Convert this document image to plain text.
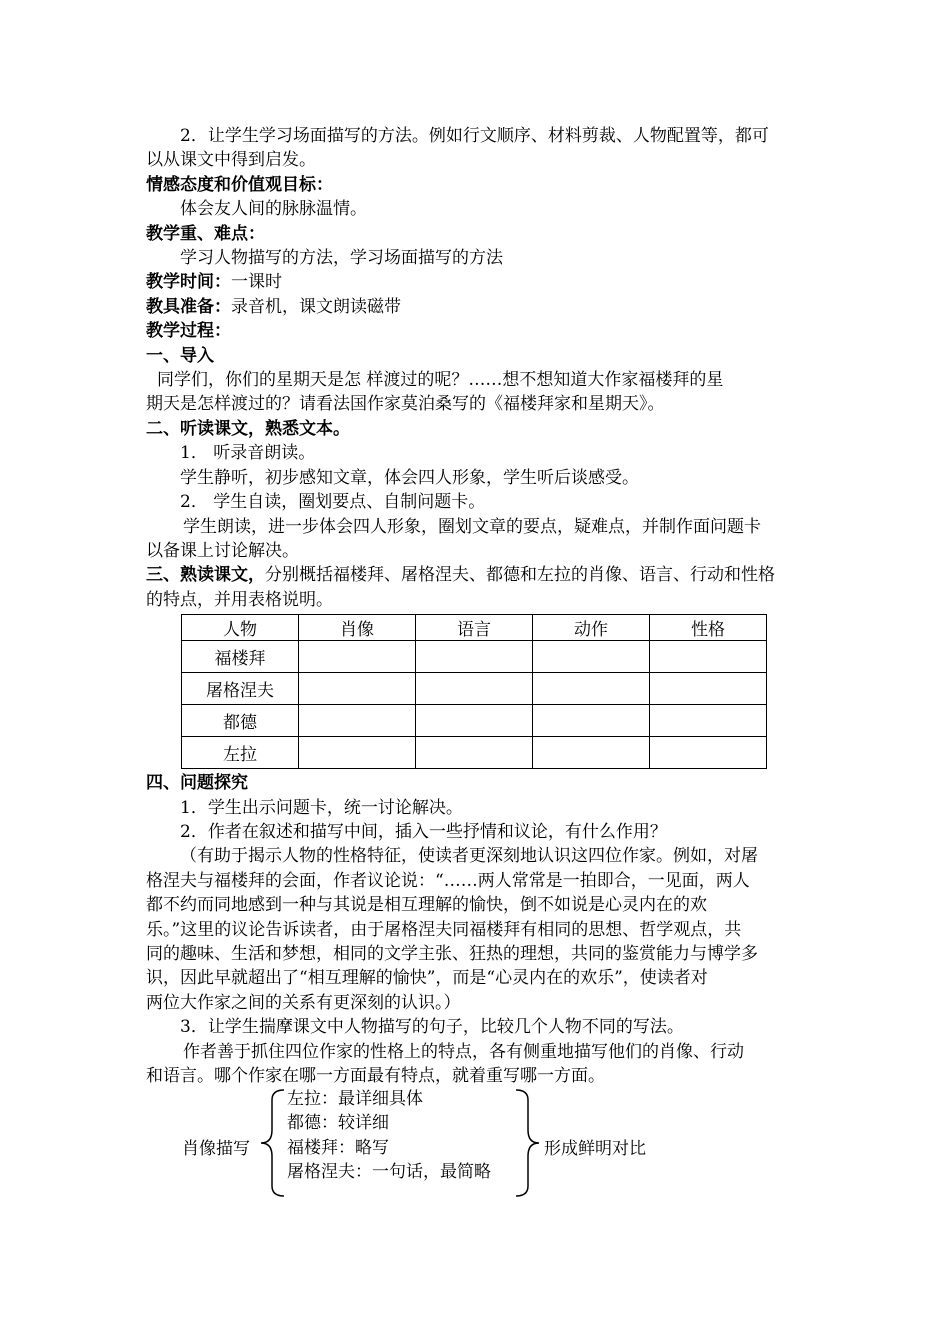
2．让学生学习场面描写的方法。例如行文顺序、材料剪裁、人物配置等，都可
以从课文中得到启发。
情感态度和价值观目标：
体会友人间的脉脉温情。
教学重、难点：
学习人物描写的方法，学习场面描写的方法
教学时间：一课时
教具准备：录音机，课文朗读磁带
教学过程：
一、导入
同学们，你们的星期天是怎 样渡过的呢？……想不想知道大作家福楼拜的星
期天是怎样渡过的？请看法国作家莫泊桑写的《福楼拜家和星期天》。
二、听读课文，熟悉文本。
1． 听录音朗读。
学生静听，初步感知文章，体会四人形象，学生听后谈感受。
2． 学生自读，圈划要点、自制问题卡。
学生朗读，进一步体会四人形象，圈划文章的要点，疑难点，并制作面问题卡
以备课上讨论解决。
三、熟读课文，分别概括福楼拜、屠格涅夫、都德和左拉的肖像、语言、行动和性格
的特点，并用表格说明。
人物	肖像	语言	动作	性格
福楼拜				
屠格涅夫				
都德				
左拉				
四、问题探究
1．学生出示问题卡，统一讨论解决。
2．作者在叙述和描写中间，插入一些抒情和议论，有什么作用？
（有助于揭示人物的性格特征，使读者更深刻地认识这四位作家。例如，对屠
格涅夫与福楼拜的会面，作者议论说：“……两人常常是一拍即合，一见面，两人
都不约而同地感到一种与其说是相互理解的愉快，倒不如说是心灵内在的欢
乐。”这里的议论告诉读者，由于屠格涅夫同福楼拜有相同的思想、哲学观点，共
同的趣味、生活和梦想，相同的文学主张、狂热的理想，共同的鉴赏能力与博学多
识，因此早就超出了“相互理解的愉快”，而是“心灵内在的欢乐”，使读者对
两位大作家之间的关系有更深刻的认识。）
3．让学生揣摩课文中人物描写的句子，比较几个人物不同的写法。
作者善于抓住四位作家的性格上的特点，各有侧重地描写他们的肖像、行动
和语言。哪个作家在哪一方面最有特点，就着重写哪一方面。
左拉：最详细具体
都德：较详细
福楼拜：略写
屠格涅夫：一句话，最简略
肖像描写	形成鲜明对比
